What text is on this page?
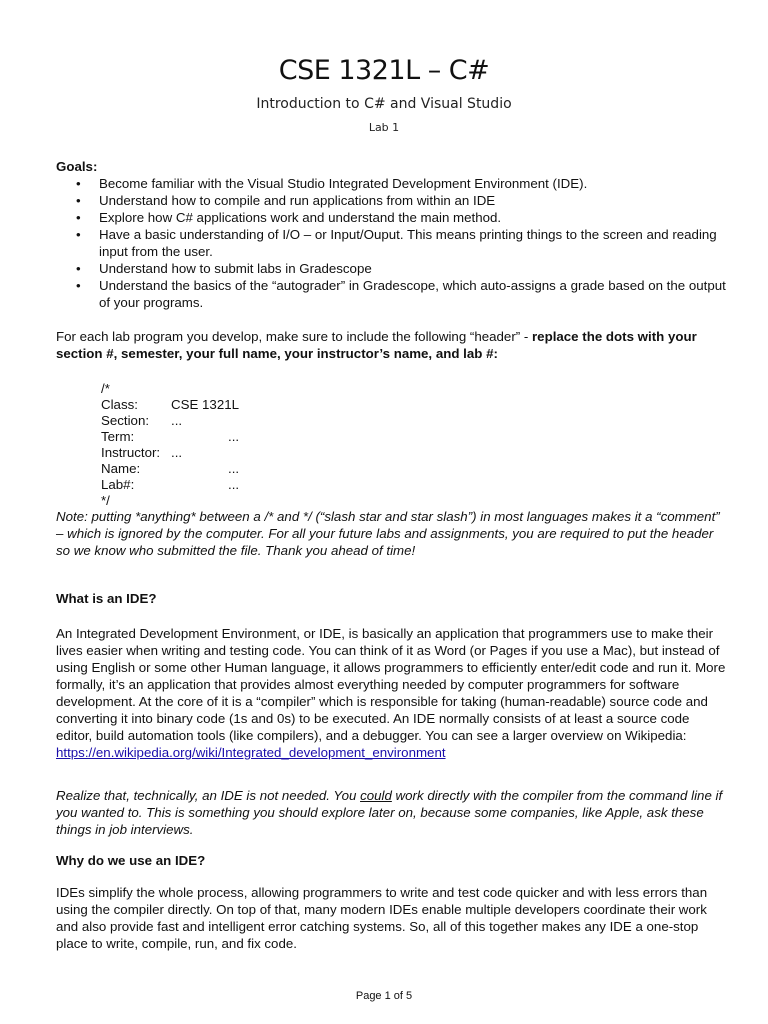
CSE 1321L – C#
Introduction to C# and Visual Studio
Lab 1
Goals:
• Become familiar with the Visual Studio Integrated Development Environment (IDE).
• Understand how to compile and run applications from within an IDE
• Explore how C# applications work and understand the main method.
• Have a basic understanding of I/O – or Input/Ouput. This means printing things to the screen and reading input from the user.
• Understand how to submit labs in Gradescope
• Understand the basics of the “autograder” in Gradescope, which auto-assigns a grade based on the output of your programs.
For each lab program you develop, make sure to include the following “header” - replace the dots with your section #, semester, your full name, your instructor’s name, and lab #:
/*
Class: CSE 1321L
Section: ...
Term:	...
Instructor: ...
Name:	...
Lab#:	...
*/
Note: putting *anything* between a /* and */ (“slash star and star slash”) in most languages makes it a “comment” – which is ignored by the computer. For all your future labs and assignments, you are required to put the header so we know who submitted the file. Thank you ahead of time!
What is an IDE?
An Integrated Development Environment, or IDE, is basically an application that programmers use to make their lives easier when writing and testing code. You can think of it as Word (or Pages if you use a Mac), but instead of using English or some other Human language, it allows programmers to efficiently enter/edit code and run it. More formally, it’s an application that provides almost everything needed by computer programmers for software development. At the core of it is a “compiler” which is responsible for taking (human-readable) source code and converting it into binary code (1s and 0s) to be executed. An IDE normally consists of at least a source code editor, build automation tools (like compilers), and a debugger. You can see a larger overview on Wikipedia:
https://en.wikipedia.org/wiki/Integrated_development_environment
Realize that, technically, an IDE is not needed. You could work directly with the compiler from the command line if you wanted to. This is something you should explore later on, because some companies, like Apple, ask these things in job interviews.
Why do we use an IDE?
IDEs simplify the whole process, allowing programmers to write and test code quicker and with less errors than using the compiler directly. On top of that, many modern IDEs enable multiple developers coordinate their work and also provide fast and intelligent error catching systems. So, all of this together makes any IDE a one-stop place to write, compile, run, and fix code.
Page 1 of 5
